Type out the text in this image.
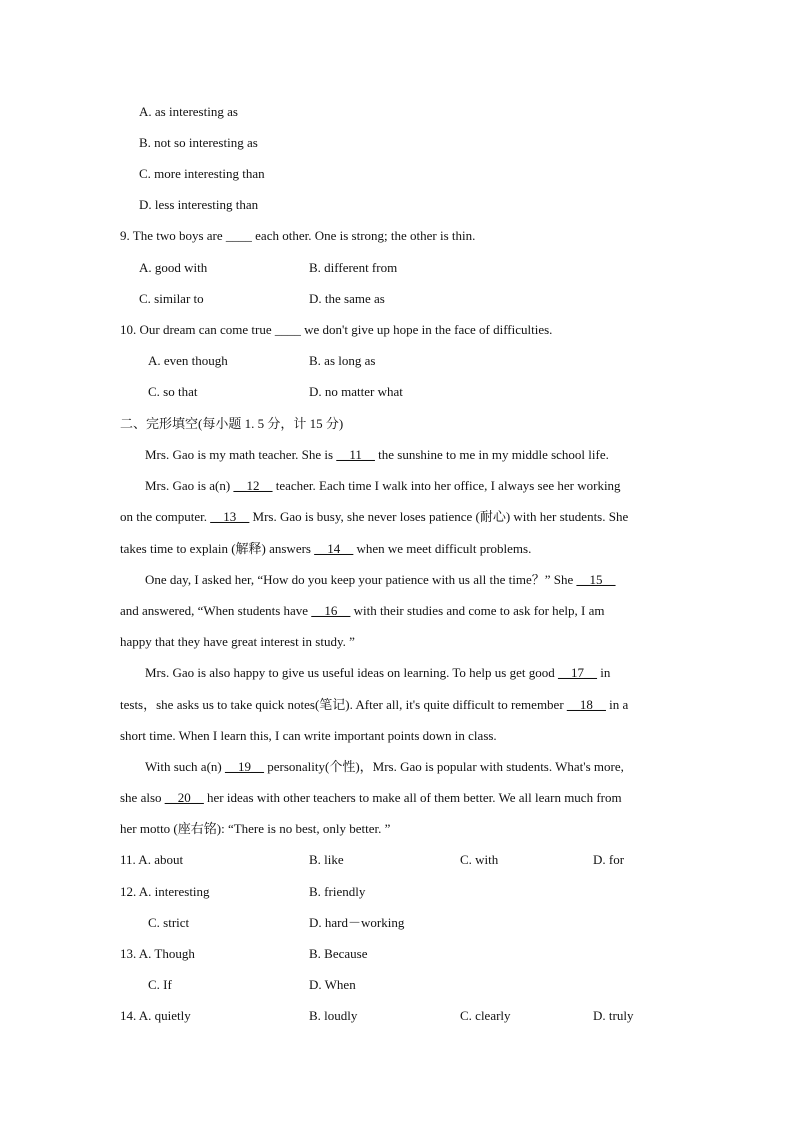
A. as interesting as
B. not so interesting as
C. more interesting than
D. less interesting than
9. The two boys are ____ each other. One is strong; the other is thin.
A. good with	B. different from
C. similar to	D. the same as
10. Our dream can come true ____ we don't give up hope in the face of difficulties.
A. even though	B. as long as
C. so that	D. no matter what
二、完形填空(每小题 1. 5 分，计 15 分)
Mrs. Gao is my math teacher. She is __11__ the sunshine to me in my middle school life.
Mrs. Gao is a(n) __12__ teacher. Each time I walk into her office, I always see her working
on the computer. __13__ Mrs. Gao is busy, she never loses patience (耐心) with her students. She
takes time to explain (解释) answers __14__ when we meet difficult problems.
One day, I asked her, “How do you keep your patience with us all the time？” She __15__
and answered, “When students have __16__ with their studies and come to ask for help, I am
happy that they have great interest in study. ”
Mrs. Gao is also happy to give us useful ideas on learning. To help us get good __17__ in
tests，she asks us to take quick notes(笔记). After all, it's quite difficult to remember __18__ in a
short time. When I learn this, I can write important points down in class.
With such a(n) __19__ personality(个性)，Mrs. Gao is popular with students. What's more,
she also __20__ her ideas with other teachers to make all of them better. We all learn much from
her motto (座右铭): “There is no best, only better. ”
11. A. about	B. like	C. with	D. for
12. A. interesting	B. friendly
C. strict	D. hard－working
13. A. Though	B. Because
C. If	D. When
14. A. quietly	B. loudly	C. clearly	D. truly
